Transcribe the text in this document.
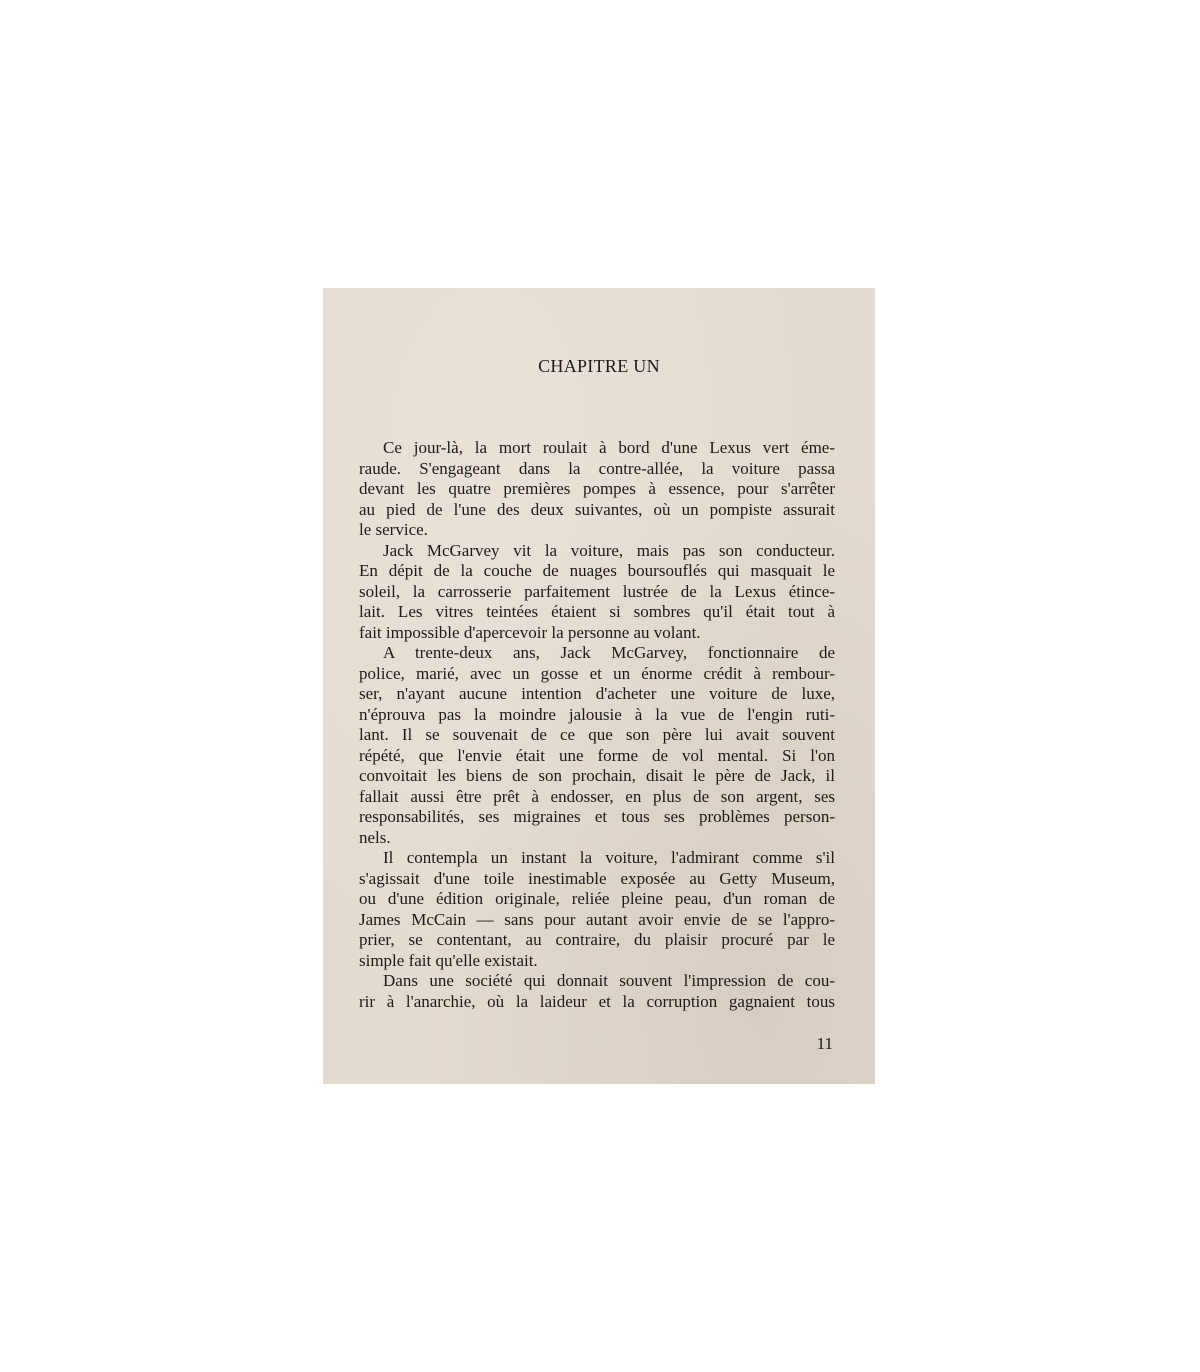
CHAPITRE UN
Ce jour-là, la mort roulait à bord d'une Lexus vert éme-
raude. S'engageant dans la contre-allée, la voiture passa
devant les quatre premières pompes à essence, pour s'arrêter
au pied de l'une des deux suivantes, où un pompiste assurait
le service.
Jack McGarvey vit la voiture, mais pas son conducteur.
En dépit de la couche de nuages boursouflés qui masquait le
soleil, la carrosserie parfaitement lustrée de la Lexus étince-
lait. Les vitres teintées étaient si sombres qu'il était tout à
fait impossible d'apercevoir la personne au volant.
A trente-deux ans, Jack McGarvey, fonctionnaire de
police, marié, avec un gosse et un énorme crédit à rembour-
ser, n'ayant aucune intention d'acheter une voiture de luxe,
n'éprouva pas la moindre jalousie à la vue de l'engin ruti-
lant. Il se souvenait de ce que son père lui avait souvent
répété, que l'envie était une forme de vol mental. Si l'on
convoitait les biens de son prochain, disait le père de Jack, il
fallait aussi être prêt à endosser, en plus de son argent, ses
responsabilités, ses migraines et tous ses problèmes person-
nels.
Il contempla un instant la voiture, l'admirant comme s'il
s'agissait d'une toile inestimable exposée au Getty Museum,
ou d'une édition originale, reliée pleine peau, d'un roman de
James McCain — sans pour autant avoir envie de se l'appro-
prier, se contentant, au contraire, du plaisir procuré par le
simple fait qu'elle existait.
Dans une société qui donnait souvent l'impression de cou-
rir à l'anarchie, où la laideur et la corruption gagnaient tous
11
